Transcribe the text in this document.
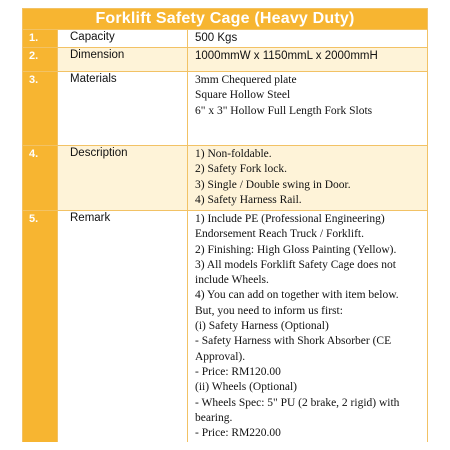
Forklift Safety Cage (Heavy Duty)
1.	Capacity	500 Kgs
2.	Dimension	1000mmW x 1150mmL x 2000mmH
3.	Materials	3mm Chequered plate
Square Hollow Steel
6" x 3" Hollow Full Length Fork Slots
4.	Description	1) Non-foldable.
2) Safety Fork lock.
3) Single / Double swing in Door.
4) Safety Harness Rail.
5.	Remark	1) Include PE (Professional Engineering)
Endorsement Reach Truck / Forklift.
2) Finishing: High Gloss Painting (Yellow).
3) All models Forklift Safety Cage does not
include Wheels.
4) You can add on together with item below.
But, you need to inform us first:
(i) Safety Harness (Optional)
- Safety Harness with Shork Absorber (CE
Approval).
- Price: RM120.00
(ii) Wheels (Optional)
- Wheels Spec: 5" PU (2 brake, 2 rigid) with
bearing.
- Price: RM220.00
